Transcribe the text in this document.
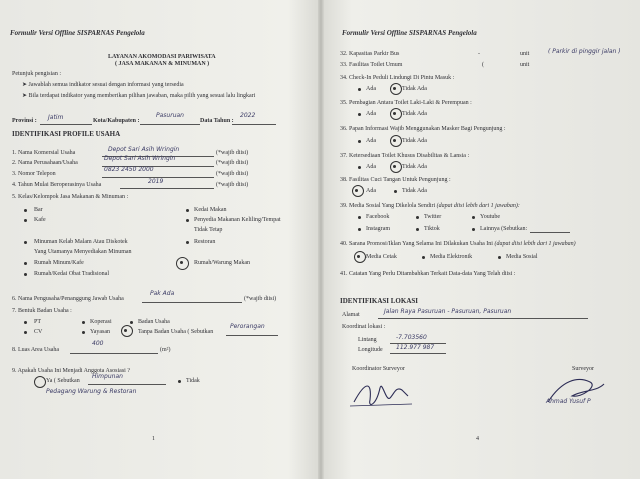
Formulir Versi Offline SISPARNAS Pengelola
LAYANAN AKOMODASI PARIWISATA
( JASA MAKANAN & MINUMAN )
Petunjuk pengisian :
➤ Jawablah semua indikator sesuai dengan informasi yang tersedia
➤ Bila terdapat indikator yang memberikan pilihan jawaban, maka pilih yang sesuai lalu lingkari
Provinsi : Jatim	Kota/Kabupaten :
Pasuruan
Data Tahun :
2022
IDENTIFIKASI PROFILE USAHA
1. Nama Komersial Usaha	Depot Sari Asih Wringin	(*wajib diisi)
2. Nama Perusahaan/Usaha
Depot Sari Asih Wringin
(*wajib diisi)
3. Nomor Telepon
0823 2450 2000
(*wajib diisi)
4. Tahun Mulai Beroperasinya Usaha	2019	(*wajib diisi)
5. Kelas/Kelompok Jasa Makanan & Minuman :
Bar
Kafe
Kedai Makan
Penyedia Makanan Keliling/Tempat
Tidak Tetap
Minuman Kelab Malam Atau Diskotek
Yang Utamanya Menyediakan Minuman
Restoran
Rumah Minum/Kafe	Rumah/Warung Makan
Rumah/Kedai Obat Tradisional
6. Nama Pengusaha/Penanggung Jawab Usaha
Pak Ada
(*wajib diisi)
7. Bentuk Badan Usaha :
PT	Koperasi	Badan Usaha
CV	Yayasan	Tanpa Badan Usaha ( Sebutkan
Perorangan
8. Luas Area Usaha
400
(m²)
9. Apakah Usaha Ini Menjadi Anggota Asosiasi ?
Ya ( Sebutkan
Himpunan
Pedagang Warung & Restoran
Tidak
1
Formulir Versi Offline SISPARNAS Pengelola
32. Kapasitas Parkir Bus	-	unit	( Parkir di pinggir jalan )
33. Fasilitas Toilet Umum	(	unit
34. Check-In Peduli Lindungi Di Pintu Masuk :
Ada	Tidak Ada
35. Pembagian Antara Toilet Laki-Laki & Perempuan :
Ada	Tidak Ada
36. Papan Informasi Wajib Menggunakan Masker Bagi Pengunjung :
Ada	Tidak Ada
37. Ketersediaan Toilet Khusus Disabilitas & Lansia :
Ada	Tidak Ada
38. Fasilitas Cuci Tangan Untuk Pengunjung :
Ada	Tidak Ada
39. Media Sosial Yang Dikelola Sendiri (dapat diisi lebih dari 1 jawaban):
Facebook	Twitter	Youtube
Instagram	Tiktok	Lainnya (Sebutkan:
40. Sarana Promosi/Iklan Yang Selama Ini Dilakukan Usaha Ini (dapat diisi lebih dari 1 jawaban)
Media Cetak	Media Elektronik	Media Sosial
41. Catatan Yang Perlu Ditambahkan Terkait Data-data Yang Telah diisi :
IDENTIFIKASI LOKASI
Alamat	Jalan Raya Pasuruan - Pasuruan, Pasuruan
Koordinat lokasi :
Lintang	-7.703560
Longitude 112.977 987
Koordinator Surveyor	Surveyor
Ahmad Yusuf P
4
